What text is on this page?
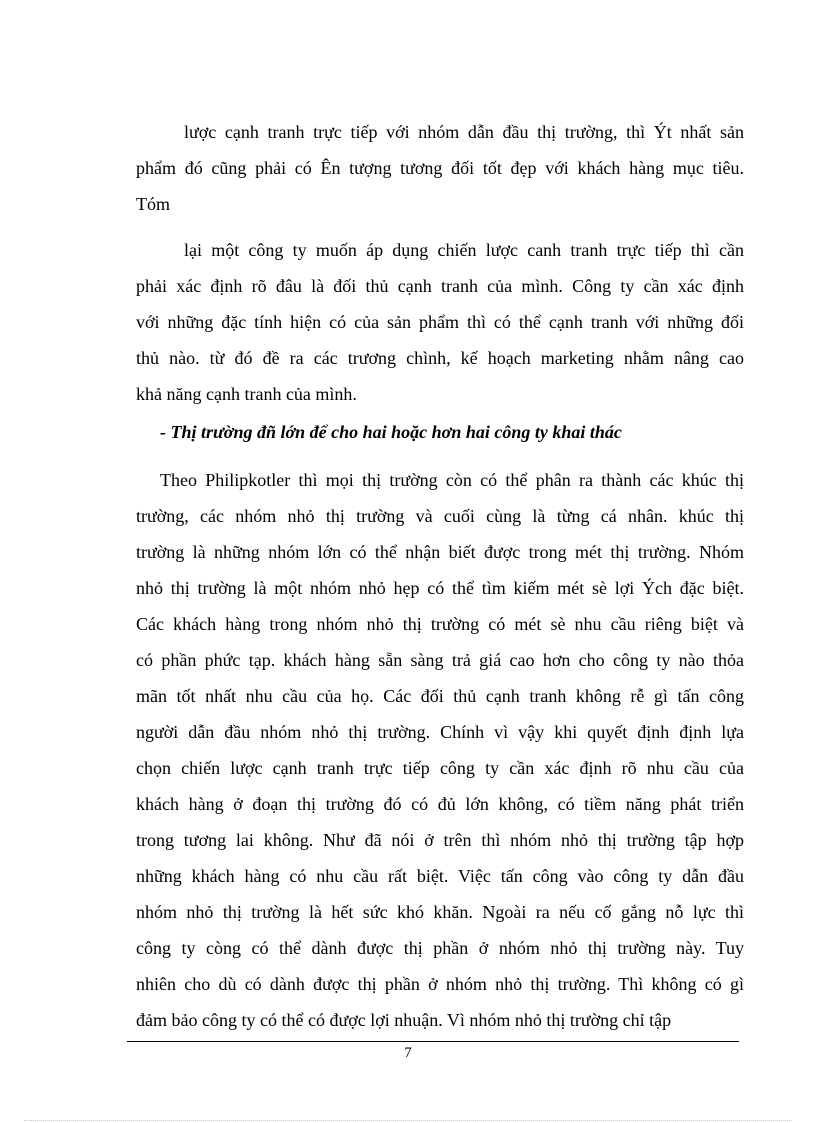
lược cạnh tranh trực tiếp với nhóm dẫn đầu thị trường, thì Ýt nhất sản
phẩm đó cũng phải có Ên tượng tương đối tốt đẹp với khách hàng mục tiêu.
Tóm
lại một công ty muốn áp dụng chiến lược canh tranh trực tiếp thì cần
phải xác định rõ đâu là đối thủ cạnh tranh của mình. Công ty cần xác định
với những đặc tính hiện có của sản phẩm thì có thể cạnh tranh với những đối
thủ nào. từ đó đề ra các trương chình, kế hoạch marketing nhằm nâng cao
khả năng cạnh tranh của mình.
- Thị trường đñ lớn để cho hai hoặc hơn hai công ty khai thác
Theo Philipkotler thì mọi thị trường còn có thể phân ra thành các khúc thị
trường, các nhóm nhỏ thị trường và cuối cùng là từng cá nhân. khúc thị
trường là những nhóm lớn có thể nhận biết được trong mét thị trường. Nhóm
nhỏ thị trường là một nhóm nhỏ hẹp có thể tìm kiếm mét sè lợi Ých đặc biệt.
Các khách hàng trong nhóm nhỏ thị trường có mét sè nhu cầu riêng biệt và
có phần phức tạp. khách hàng sẵn sàng trả giá cao hơn cho công ty nào thỏa
mãn tốt nhất nhu cầu của họ. Các đối thủ cạnh tranh không rễ gì tấn công
người dẫn đầu nhóm nhỏ thị trường. Chính vì vậy khi quyết định định lựa
chọn chiến lược cạnh tranh trực tiếp công ty cần xác định rõ nhu cầu của
khách hàng ở đoạn thị trường đó có đủ lớn không, có tiềm năng phát triển
trong tương lai không. Như đã nói ở trên thì nhóm nhỏ thị trường tập hợp
những khách hàng có nhu cầu rất biệt. Việc tấn công vào công ty dẫn đầu
nhóm nhỏ thị trường là hết sức khó khăn. Ngoài ra nếu cố gắng nỗ lực thì
công ty còng có thể dành được thị phần ở nhóm nhỏ thị trường này. Tuy
nhiên cho dù có dành được thị phần ở nhóm nhỏ thị trường. Thì không có gì
đảm bảo công ty có thể có được lợi nhuận. Vì nhóm nhỏ thị trường chỉ tập
7
